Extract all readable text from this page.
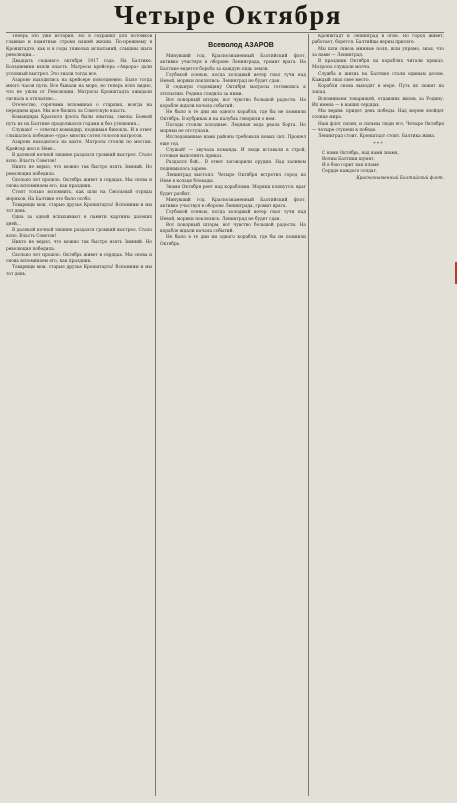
Четыре Октября

Теперь это уже история. Но я сохранил для потомков главные и памятные строки нашей жизни. По-прежнему в Кронштадте, как и в годы тяжелых испытаний, слышны шаги революции...

Двадцать седьмого октября 1917 года. На Балтике. Большевики взяли власть. Матросы крейсера «Аврора» дали условный выстрел. Это знали тогда все.

Азарово находились на крейсере повседневно. Было тогда много часов пути. Все бывали на море, но теперь ясно видно, что не ушли от Революции. Матросы Кронштадта ожидали сигнала к отплытию...

Отечество, горячими вспоминая о старших, всегда на переднем крае. Мы все бились за Советскую власть.

Командиры Красного флота были опытны, смелы. Боевой путь их на Балтике продолжался годами и без утешения...

Слушаю! — ответил командир, поднимая бинокль. И в ответ слышалось победное «ура» многих сотен голосов матросов.

Азарово находилось на вахте. Матросы стояли по местам. Крейсер шел к Неве...

В далекой ночной тишине раздался громкий выстрел. Стало ясно. Власть Советов!

Никто не верил, что можно так быстро взять Зимний. Но революция победила.

Сколько лет прошло. Октябрь живет в сердцах. Мы снова и снова вспоминаем его, как праздник.

Стоит только вспомнить, как шли на Смольный отряды моряков. На Балтике это было особо.

Товарищи мои, старые друзья Кронштадта! Вспомним и мы тот день.

Одна за одной вспыхивают в памяти картины далеких дней...

В далекой ночной тишине раздался громкий выстрел. Стало ясно. Власть Советов!

Никто не верил, что можно так быстро взять Зимний. Но революция победила.

Сколько лет прошло. Октябрь живет в сердцах. Мы снова и снова вспоминаем его, как праздник.

Товарищи мои, старые друзья Кронштадта! Вспомним и мы тот день.

Минувший год. Краснознаменный Балтийский флот, активно участвуя в обороне Ленинграда, громит врага. На Балтике ведется борьба за каждую пядь земли.

Глубокой осенью, когда холодный ветер гнал тучи над Невой, моряки поклялись: Ленинград не будет сдан.

В седьмую годовщину Октября матросы готовились к отплытию. Родина следила за ними.

Вот покорный шторм, вот чувство большой радости. На корабле ждали начала событий.

Не было в те дни ни одного корабля, где бы не помнили Октябрь. В кубриках и на палубах говорили о нем.

Погоды стояли холодные. Ледяная вода рвала борта. Но моряки не отступали.

Исследованные нами районы требовали новых сил. Прошел еще год.

Слушай! — звучала команда. И люди вставали в строй, готовые выполнить приказ.

Раздался бой... В ответ заговорили орудия. Над заливом поднималось зарево.

Ленинград выстоял. Четыре Октября встретил город на Неве в кольце блокады.

Знамя Октября реет над кораблями. Моряки клянутся: враг будет разбит.

Минувший год. Краснознаменный Балтийский флот, активно участвуя в обороне Ленинграда, громит врага.

Глубокой осенью, когда холодный ветер гнал тучи над Невой, моряки поклялись: Ленинград не будет сдан.

Вот покорный шторм, вот чувство большой радости. На корабле ждали начала событий.

Не было в те дни ни одного корабля, где бы не помнили Октябрь.

Всеволод АЗАРОВ

Кронштадт и Ленинград в огне. Но город живет, работает, борется. Балтийцы верны присяге.

Мы шли сквозь минные поля, шли упрямо, зная, что за нами — Ленинград.

В праздник Октября на кораблях читали приказ. Матросы слушали молча.

Служба и жизнь на Балтике стали единым делом. Каждый знал свое место.

Корабли снова выходят в море. Путь их лежит на запад.

Вспоминаем товарищей, отдавших жизнь за Родину. Их имена — в наших сердцах.

Мы верим: придет день победы. Над морем взойдет солнце мира.

Наш флот силен, и сильны люди его. Четыре Октября — четыре ступени к победе.

Ленинград стоит. Кронштадт стоит. Балтика жива.

* * *

С нами Октябрь, над нами знамя,

Волны Балтики шумят,

И в бою горит как пламя

Сердце каждого солдат.

Краснознаменный Балтийский флот.
